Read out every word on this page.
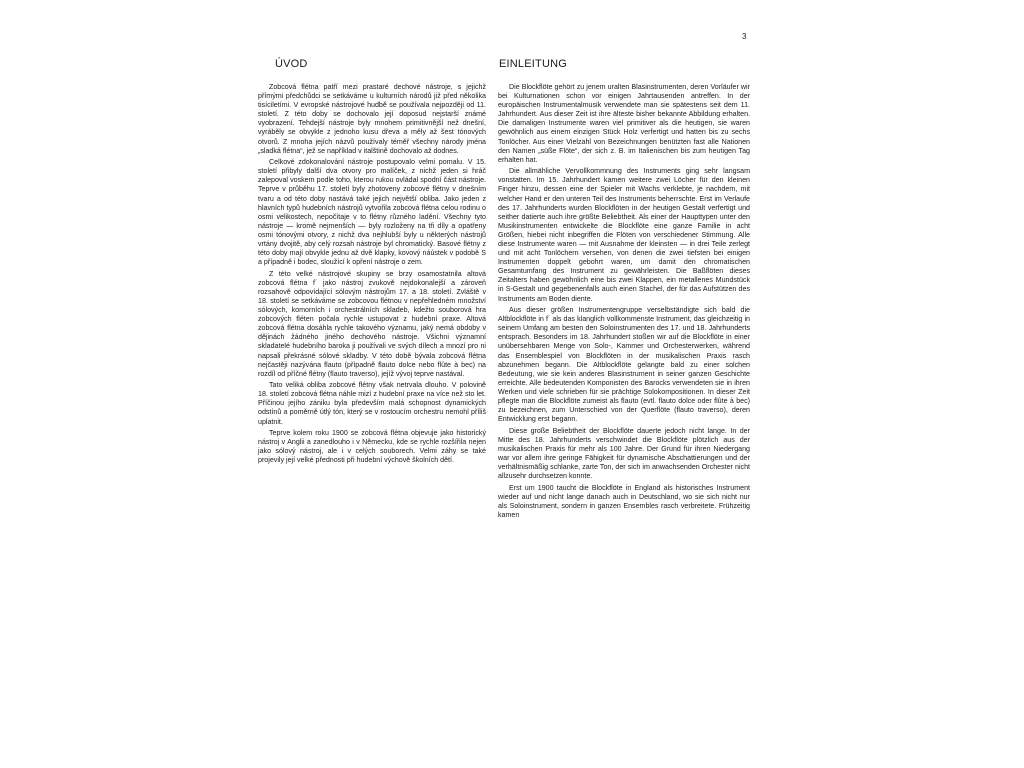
3
ÚVOD	EINLEITUNG

Zobcová flétna patří mezi prastaré dechové nástroje, s jejichž přímými předchůdci se setkáváme u kulturních národů již před několika tisíciletími. V evropské nástrojové hudbě se používala nejpozději od 11. století. Z této doby se dochovalo její doposud nejstarší známé vyobrazení. Tehdejší nástroje byly mnohem primitivnější než dnešní, vyráběly se obvykle z jednoho kusu dřeva a měly až šest tónových otvorů. Z mnoha jejích názvů používaly téměř všechny národy jména „sladká flétna“, jež se například v italštině dochovalo až dodnes.

Celkové zdokonalování nástroje postupovalo velmi pomalu. V 15. století přibyly další dva otvory pro malíček, z nichž jeden si hráč zalepoval voskem podle toho, kterou rukou ovládal spodní část nástroje. Teprve v průběhu 17. století byly zhotoveny zobcové flétny v dnešním tvaru a od této doby nastává také jejich největší obliba. Jako jeden z hlavních typů hudebních nástrojů vytvořila zobcová flétna celou rodinu o osmi velikostech, nepočítaje v to flétny různého ladění. Všechny tyto nástroje — kromě nejmenších — byly rozloženy na tři díly a opatřeny osmi tónovými otvory, z nichž dva nejhlubší byly u některých nástrojů vrtány dvojitě, aby celý rozsah nástroje byl chromatický. Basové flétny z této doby mají obvykle jednu až dvě klapky, kovový náústek v podobě S a případně i bodec, sloužící k opření nástroje o zem.

Z této velké nástrojové skupiny se brzy osamostatnila altová zobcová flétna f´ jako nástroj zvukově nejdokonalejší a zároveň rozsahově odpovídající sólovým nástrojům 17. a 18. století. Zvláště v 18. století se setkáváme se zobcovou flétnou v nepřehledném množství sólových, komorních i orchestrálních skladeb, kdežto souborová hra zobcových fléten počala rychle ustupovat z hudební praxe. Altová zobcová flétna dosáhla rychle takového významu, jaký nemá obdoby v dějinách žádného jiného dechového nástroje. Všichni významní skladatelé hudebního baroka ji používali ve svých dílech a mnozí pro ni napsali překrásné sólové skladby. V této době bývala zobcová flétna nejčastěji nazývána flauto (případně flauto dolce nebo flûte à bec) na rozdíl od příčné flétny (flauto traverso), jejíž vývoj teprve nastával.

Tato veliká obliba zobcové flétny však netrvala dlouho. V polovině 18. století zobcová flétna náhle mizí z hudební praxe na více než sto let. Příčinou jejího zániku byla především malá schopnost dynamických odstínů a poměrně útlý tón, který se v rostoucím orchestru nemohl příliš uplatnit.

Teprve kolem roku 1900 se zobcová flétna objevuje jako historický nástroj v Anglii a zanedlouho i v Německu, kde se rychle rozšířila nejen jako sólový nástroj, ale i v celých souborech. Velmi záhy se také projevily její velké přednosti při hudební výchově školních dětí.

Die Blockflöte gehört zu jenem uralten Blasinstrumenten, deren Vorläufer wir bei Kulturnationen schon vor einigen Jahrtausenden antreffen. In der europäischen Instrumentalmusik verwendete man sie spätestens seit dem 11. Jahrhundert. Aus dieser Zeit ist ihre älteste bisher bekannte Abbildung erhalten. Die damaligen Instrumente waren viel primitiver als die heutigen, sie waren gewöhnlich aus einem einzigen Stück Holz verfertigt und hatten bis zu sechs Tonlöcher. Aus einer Vielzahl von Bezeichnungen benützten fast alle Nationen den Namen „süße Flöte“, der sich z. B. im Italienischen bis zum heutigen Tag erhalten hat.

Die allmähliche Vervollkommnung des Instruments ging sehr langsam vonstatten. Im 15. Jahrhundert kamen weitere zwei Löcher für den kleinen Finger hinzu, dessen eine der Spieler mit Wachs verklebte, je nachdem, mit welcher Hand er den unteren Teil des Instruments beherrschte. Erst im Verlaufe des 17. Jahrhunderts wurden Blockflöten in der heutigen Gestalt verfertigt und seither datierte auch ihre größte Beliebtheit. Als einer der Haupttypen unter den Musikinstrumenten entwickelte die Blockflöte eine ganze Familie in acht Größen, hiebei nicht inbegriffen die Flöten von verschiedener Stimmung. Alle diese Instrumente waren — mit Ausnahme der kleinsten — in drei Teile zerlegt und mit acht Tonlöchern versehen, von denen die zwei tiefsten bei einigen Instrumenten doppelt gebohrt waren, um damit den chromatischen Gesamtumfang des Instrument zu gewährleisten. Die Baßflöten dieses Zeitalters haben gewöhnlich eine bis zwei Klappen, ein metallenes Mundstück in S-Gestalt und gegebenenfalls auch einen Stachel, der für das Aufstützen des Instruments am Boden diente.

Aus dieser größen Instrumentengruppe verselbständigte sich bald die Altblockflöte in f´ als das klanglich vollkommenste Instrument, das gleichzeitig in seinem Umfang am besten den Soloinstrumenten des 17. und 18. Jahrhunderts entsprach. Besonders im 18. Jahrhundert stoßen wir auf die Blockflöte in einer unübersehbaren Menge von Solo-, Kammer und Orchesterwerken, während das Ensemblespiel von Blockflöten in der musikalischen Praxis rasch abzunehmen begann. Die Altblockflöte gelangte bald zu einer solchen Bedeutung, wie sie kein anderes Blasinstrument in seiner ganzen Geschichte erreichte. Alle bedeutenden Komponisten des Barocks verwendeten sie in ihren Werken und viele schrieben für sie prächtige Solokompositionen. In dieser Zeit pflegte man die Blockflöte zumeist als flauto (evtl. flauto dolce oder flûte à bec) zu bezeichnen, zum Unterschied von der Querflöte (flauto traverso), deren Entwicklung erst begann.

Diese große Beliebtheit der Blockflöte dauerte jedoch nicht lange. In der Mitte des 18. Jahrhunderts verschwindet die Blockflöte plötzlich aus der musikalischen Praxis für mehr als 100 Jahre. Der Grund für ihren Niedergang war vor allem ihre geringe Fähigkeit für dynamische Abschattierungen und der verhältnismäßig schlanke, zarte Ton, der sich im anwachsenden Orchester nicht allzusehr durchsetzen konnte.

Erst um 1900 taucht die Blockflöte in England als historisches Instrument wieder auf und nicht lange danach auch in Deutschland, wo sie sich nicht nur als Soloinstrument, sondern in ganzen Ensembles rasch verbreitete. Frühzeitig kamen
